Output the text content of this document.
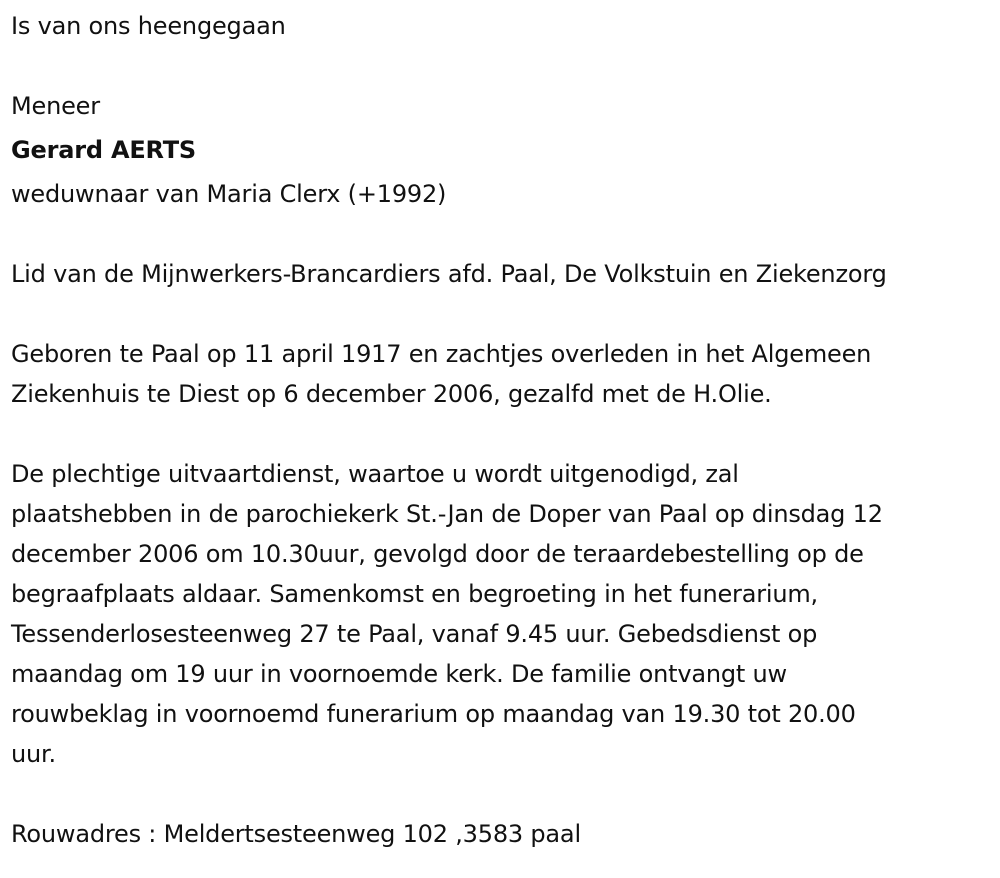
Is van ons heengegaan
Meneer
Gerard AERTS
weduwnaar van Maria Clerx (+1992)
Lid van de Mijnwerkers-Brancardiers afd. Paal, De Volkstuin en Ziekenzorg
Geboren te Paal op 11 april 1917 en zachtjes overleden in het Algemeen
Ziekenhuis te Diest op 6 december 2006, gezalfd met de H.Olie.
De plechtige uitvaartdienst, waartoe u wordt uitgenodigd, zal
plaatshebben in de parochiekerk St.-Jan de Doper van Paal op dinsdag 12
december 2006 om 10.30uur, gevolgd door de teraardebestelling op de
begraafplaats aldaar. Samenkomst en begroeting in het funerarium,
Tessenderlosesteenweg 27 te Paal, vanaf 9.45 uur. Gebedsdienst op
maandag om 19 uur in voornoemde kerk. De familie ontvangt uw
rouwbeklag in voornoemd funerarium op maandag van 19.30 tot 20.00
uur.
Rouwadres : Meldertsesteenweg 102 ,3583 paal
